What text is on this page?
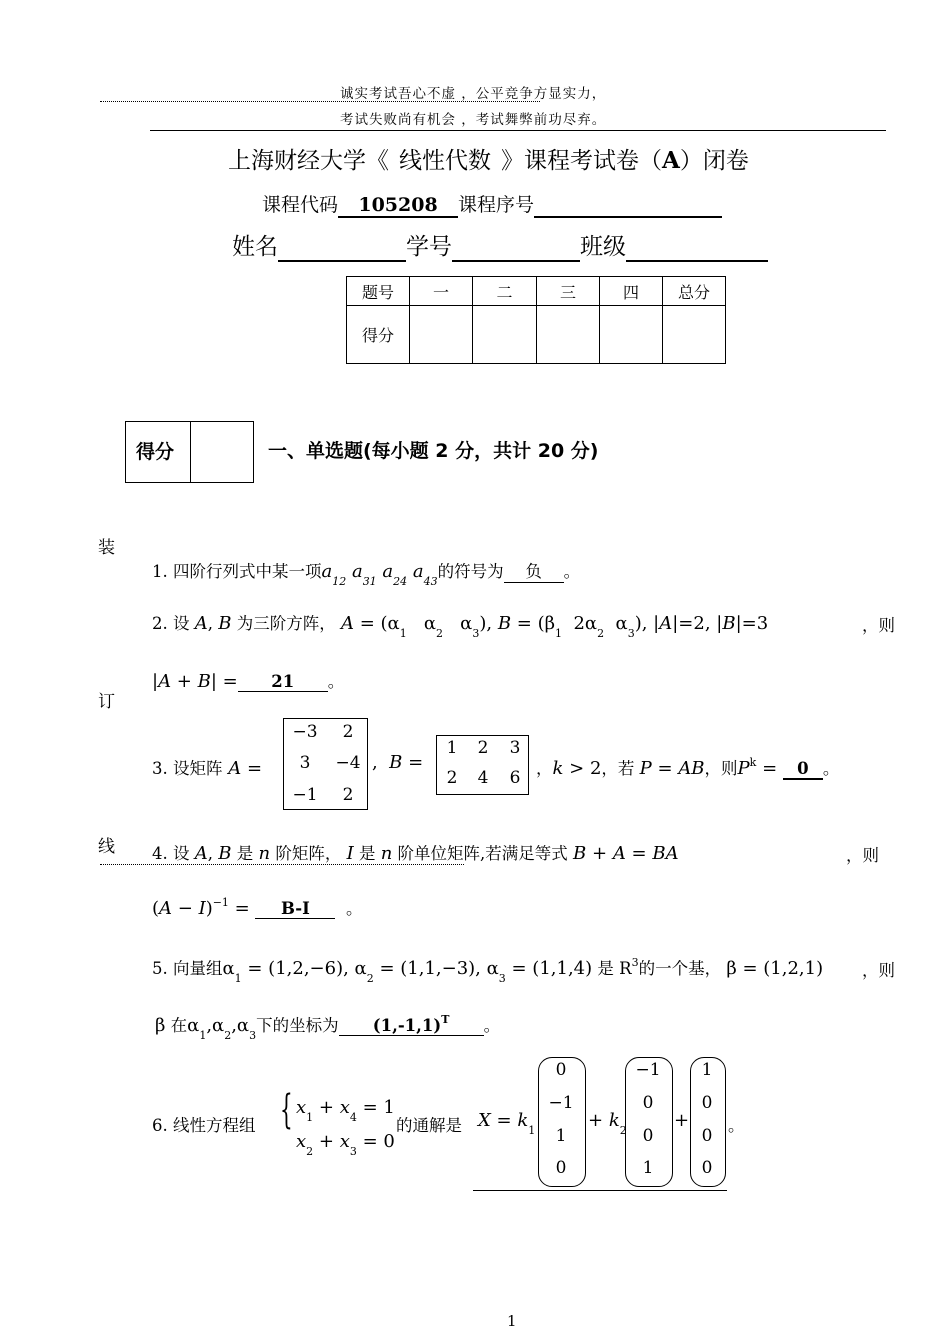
诚实考试吾心不虚 ，公平竞争方显实力，
考试失败尚有机会 ，考试舞弊前功尽弃。
上海财经大学《 线性代数 》课程考试卷（A）闭卷
课程代码 105208 课程序号
姓名	学号	班级
题号	一	二	三	四	总分
得分					
得分	一、单选题(每小题 2 分，共计 20 分)
装
订
线
1. 四阶行列式中某一项$a_{12}$ $a_{31}$ $a_{24}$ $a_{43}$的符号为 负 。
2. 设 A, B 为三阶方阵， $A = (\alpha_1$   $\alpha_2$   $\alpha_3$), $B = (\beta_1$  $2\alpha_2$  $\alpha_3$), |A|=2, |B|=3	，则
|A + B| = 21 。
3. 设矩阵 A =
−3	2
3	−4
−1	2
,  B =
1	2	3
2	4	6 ，k > 2，若 P = AB，则$P^k = 0$ 。
4. 设 A, B 是 n 阶矩阵， I 是 n 阶单位矩阵,若满足等式 B + A = BA	，则
$(A - I)^{-1} = B-I$ 。
5. 向量组$\alpha_1 = (1,2,-6)$, $\alpha_2 = (1,1,-3)$, $\alpha_3 = (1,1,4)$ 是 $R^3$的一个基， β = (1,2,1) ，则
β 在$\alpha_1,\alpha_2,\alpha_3$下的坐标为 $(1,-1,1)^T$ 。
6. 线性方程组 { $x_1 + x_4 = 1$
$x_2 + x_3 = 0$
的通解是 $X = k_1$
0
−1
1
0
+ $k_2$
−1
0
0
1
+
1
0
0
0
。
1
